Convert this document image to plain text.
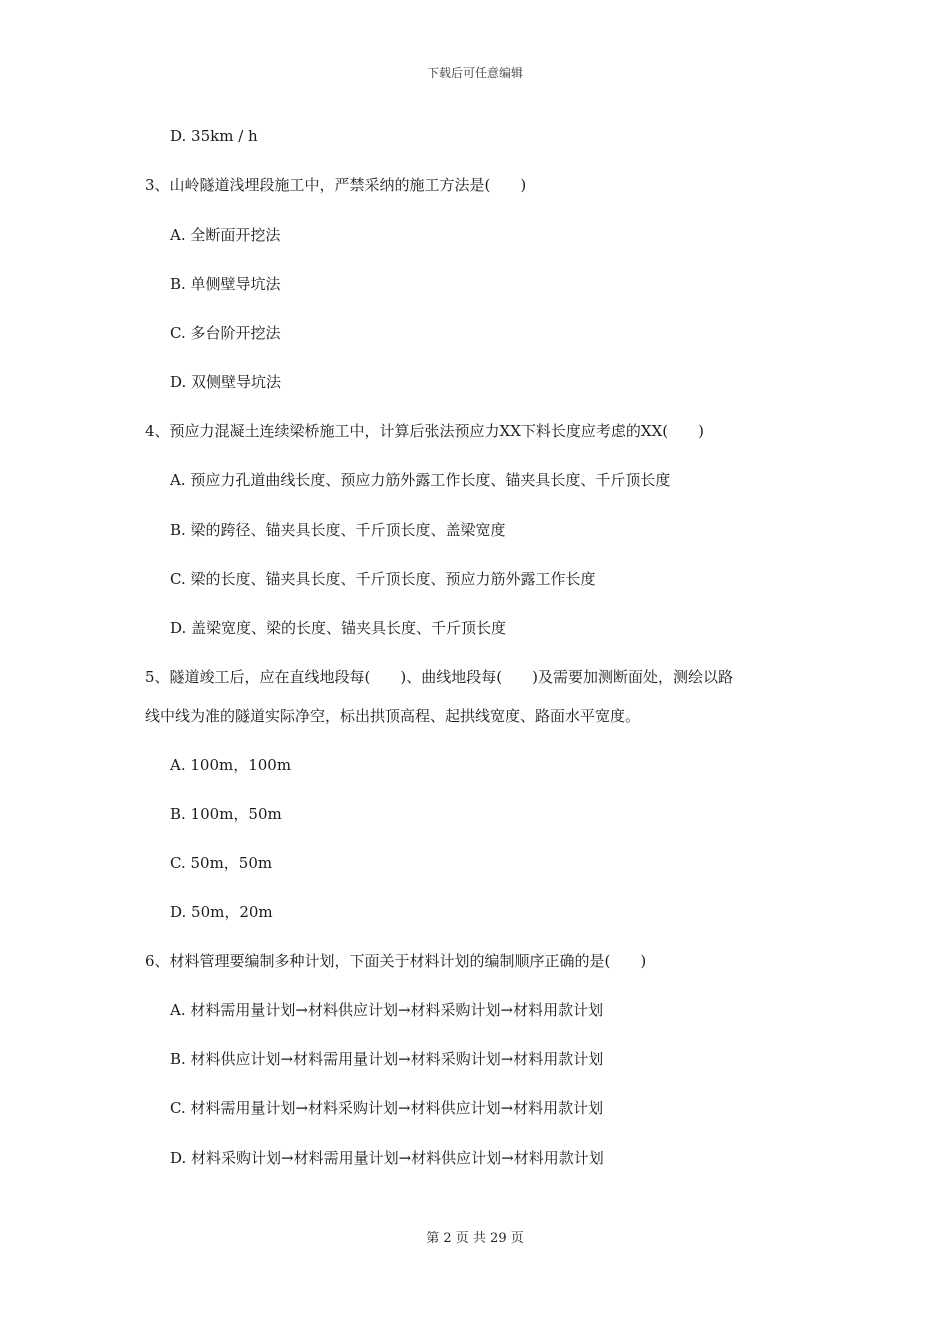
下载后可任意编辑
D. 35km / h
3、山岭隧道浅埋段施工中，严禁采纳的施工方法是(　　)
A. 全断面开挖法
B. 单侧壁导坑法
C. 多台阶开挖法
D. 双侧壁导坑法
4、预应力混凝土连续梁桥施工中，计算后张法预应力XX下料长度应考虑的XX(　　)
A. 预应力孔道曲线长度、预应力筋外露工作长度、锚夹具长度、千斤顶长度
B. 梁的跨径、锚夹具长度、千斤顶长度、盖梁宽度
C. 梁的长度、锚夹具长度、千斤顶长度、预应力筋外露工作长度
D. 盖梁宽度、梁的长度、锚夹具长度、千斤顶长度
5、隧道竣工后，应在直线地段每(　　)、曲线地段每(　　)及需要加测断面处，测绘以路
线中线为准的隧道实际净空，标出拱顶高程、起拱线宽度、路面水平宽度。
A. 100m，100m
B. 100m，50m
C. 50m，50m
D. 50m，20m
6、材料管理要编制多种计划，下面关于材料计划的编制顺序正确的是(　　)
A. 材料需用量计划→材料供应计划→材料采购计划→材料用款计划
B. 材料供应计划→材料需用量计划→材料采购计划→材料用款计划
C. 材料需用量计划→材料采购计划→材料供应计划→材料用款计划
D. 材料采购计划→材料需用量计划→材料供应计划→材料用款计划
第 2 页 共 29 页
